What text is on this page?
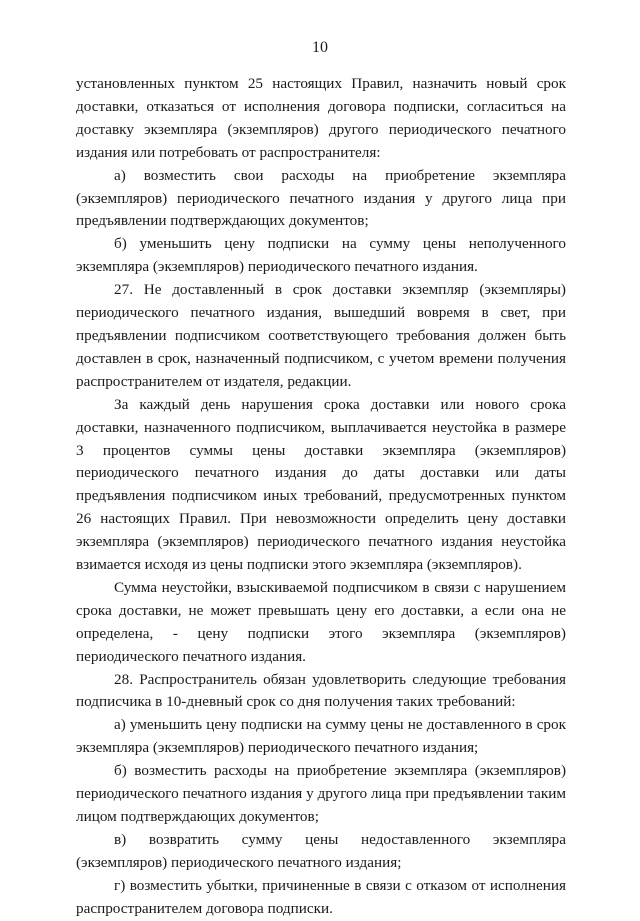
10

установленных пунктом 25 настоящих Правил, назначить новый срок доставки, отказаться от исполнения договора подписки, согласиться на доставку экземпляра (экземпляров) другого периодического печатного издания или потребовать от распространителя:

а) возместить свои расходы на приобретение экземпляра (экземпляров) периодического печатного издания у другого лица при предъявлении подтверждающих документов;

б) уменьшить цену подписки на сумму цены неполученного экземпляра (экземпляров) периодического печатного издания.

27. Не доставленный в срок доставки экземпляр (экземпляры) периодического печатного издания, вышедший вовремя в свет, при предъявлении подписчиком соответствующего требования должен быть доставлен в срок, назначенный подписчиком, с учетом времени получения распространителем от издателя, редакции.

За каждый день нарушения срока доставки или нового срока доставки, назначенного подписчиком, выплачивается неустойка в размере 3 процентов суммы цены доставки экземпляра (экземпляров) периодического печатного издания до даты доставки или даты предъявления подписчиком иных требований, предусмотренных пунктом 26 настоящих Правил. При невозможности определить цену доставки экземпляра (экземпляров) периодического печатного издания неустойка взимается исходя из цены подписки этого экземпляра (экземпляров).

Сумма неустойки, взыскиваемой подписчиком в связи с нарушением срока доставки, не может превышать цену его доставки, а если она не определена, - цену подписки этого экземпляра (экземпляров) периодического печатного издания.

28. Распространитель обязан удовлетворить следующие требования подписчика в 10-дневный срок со дня получения таких требований:

а) уменьшить цену подписки на сумму цены не доставленного в срок экземпляра (экземпляров) периодического печатного издания;

б) возместить расходы на приобретение экземпляра (экземпляров) периодического печатного издания у другого лица при предъявлении таким лицом подтверждающих документов;

в) возвратить сумму цены недоставленного экземпляра (экземпляров) периодического печатного издания;

г) возместить убытки, причиненные в связи с отказом от исполнения распространителем договора подписки.
